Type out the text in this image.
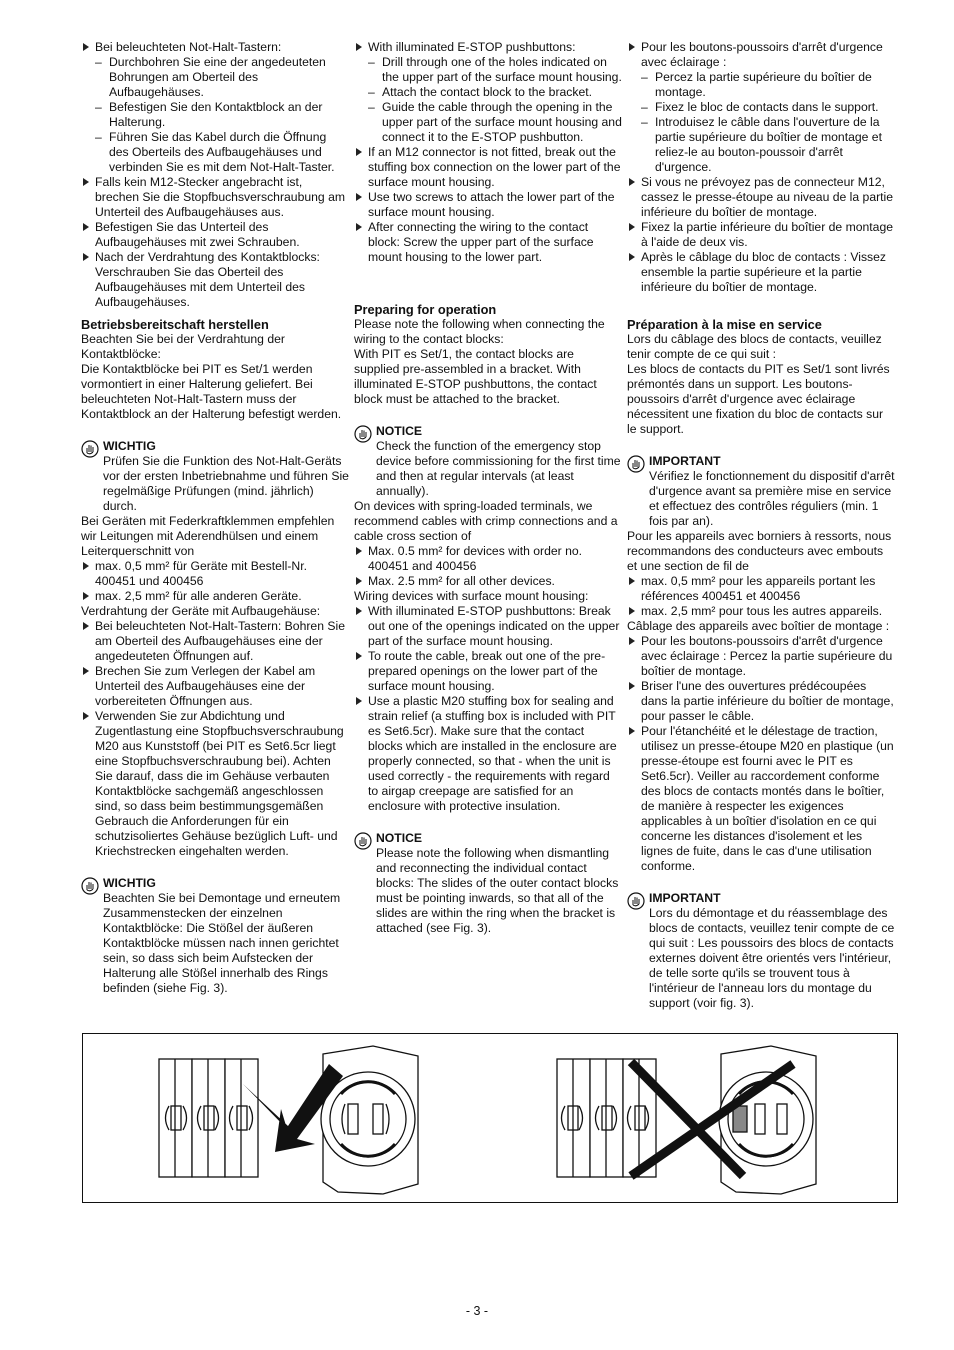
Bei beleuchteten Not-Halt-Tastern:
– Durchbohren Sie eine der angedeuteten Bohrungen am Oberteil des Aufbaugehäuses.
– Befestigen Sie den Kontaktblock an der Halterung.
– Führen Sie das Kabel durch die Öffnung des Oberteils des Aufbaugehäuses und verbinden Sie es mit dem Not-Halt-Taster.
Falls kein M12-Stecker angebracht ist, brechen Sie die Stopfbuchsverschraubung am Unterteil des Aufbaugehäuses aus.
Befestigen Sie das Unterteil des Aufbaugehäuses mit zwei Schrauben.
Nach der Verdrahtung des Kontaktblocks: Verschrauben Sie das Oberteil des Aufbaugehäuses mit dem Unterteil des Aufbaugehäuses.
Betriebsbereitschaft herstellen

Beachten Sie bei der Verdrahtung der Kontaktblöcke:

Die Kontaktblöcke bei PIT es Set/1 werden vormontiert in einer Halterung geliefert. Bei beleuchteten Not-Halt-Tastern muss der Kontaktblock an der Halterung befestigt werden.

WICHTIG
Prüfen Sie die Funktion des Not-Halt-Geräts vor der ersten Inbetriebnahme und führen Sie regelmäßige Prüfungen (mind. jährlich) durch.

Bei Geräten mit Federkraftklemmen empfehlen wir Leitungen mit Aderendhülsen und einem Leiterquerschnitt von

max. 0,5 mm² für Geräte mit Bestell-Nr. 400451 und 400456
max. 2,5 mm² für alle anderen Geräte.

Verdrahtung der Geräte mit Aufbaugehäuse:

Bei beleuchteten Not-Halt-Tastern: Bohren Sie am Oberteil des Aufbaugehäuses eine der angedeuteten Öffnungen auf.
Brechen Sie zum Verlegen der Kabel am Unterteil des Aufbaugehäuses eine der vorbereiteten Öffnungen aus.
Verwenden Sie zur Abdichtung und Zugentlastung eine Stopfbuchsverschraubung M20 aus Kunststoff (bei PIT es Set6.5cr liegt eine Stopfbuchsverschraubung bei). Achten Sie darauf, dass die im Gehäuse verbauten Kontaktblöcke sachgemäß angeschlossen sind, so dass beim bestimmungsgemäßen Gebrauch die Anforderungen für ein schutzisoliertes Gehäuse bezüglich Luft- und Kriechstrecken eingehalten werden.
WICHTIG
Beachten Sie bei Demontage und erneutem Zusammenstecken der einzelnen Kontaktblöcke: Die Stößel der äußeren Kontaktblöcke müssen nach innen gerichtet sein, so dass sich beim Aufstecken der Halterung alle Stößel innerhalb des Rings befinden (siehe Fig. 3).
With illuminated E-STOP pushbuttons:
– Drill through one of the holes indicated on the upper part of the surface mount housing.
– Attach the contact block to the bracket.
– Guide the cable through the opening in the upper part of the surface mount housing and connect it to the E-STOP pushbutton.
If an M12 connector is not fitted, break out the stuffing box connection on the lower part of the surface mount housing.
Use two screws to attach the lower part of the surface mount housing.
After connecting the wiring to the contact block: Screw the upper part of the surface mount housing to the lower part.
Preparing for operation

Please note the following when connecting the wiring to the contact blocks:

With PIT es Set/1, the contact blocks are supplied pre-assembled in a bracket. With illuminated E-STOP pushbuttons, the contact block must be attached to the bracket.

NOTICE
Check the function of the emergency stop device before commissioning for the first time and then at regular intervals (at least annually).

On devices with spring-loaded terminals, we recommend cables with crimp connections and a cable cross section of

Max. 0.5 mm² for devices with order no. 400451 and 400456
Max. 2.5 mm² for all other devices.

Wiring devices with surface mount housing:

With illuminated E-STOP pushbuttons: Break out one of the openings indicated on the upper part of the surface mount housing.
To route the cable, break out one of the pre-prepared openings on the lower part of the surface mount housing.
Use a plastic M20 stuffing box for sealing and strain relief (a stuffing box is included with PIT es Set6.5cr). Make sure that the contact blocks which are installed in the enclosure are properly connected, so that - when the unit is used correctly - the requirements with regard to airgap creepage are satisfied for an enclosure with protective insulation.
NOTICE
Please note the following when dismantling and reconnecting the individual contact blocks: The slides of the outer contact blocks must be pointing inwards, so that all of the slides are within the ring when the bracket is attached (see Fig. 3).
Pour les boutons-poussoirs d'arrêt d'urgence avec éclairage :
– Percez la partie supérieure du boîtier de montage.
– Fixez le bloc de contacts dans le support.
– Introduisez le câble dans l'ouverture de la partie supérieure du boîtier de montage et reliez-le au bouton-poussoir d'arrêt d'urgence.
Si vous ne prévoyez pas de connecteur M12, cassez le presse-étoupe au niveau de la partie inférieure du boîtier de montage.
Fixez la partie inférieure du boîtier de montage à l'aide de deux vis.
Après le câblage du bloc de contacts : Vissez ensemble la partie supérieure et la partie inférieure du boîtier de montage.
Préparation à la mise en service

Lors du câblage des blocs de contacts, veuillez tenir compte de ce qui suit :

Les blocs de contacts du PIT es Set/1 sont livrés prémontés dans un support. Les boutons-poussoirs d'arrêt d'urgence avec éclairage nécessitent une fixation du bloc de contacts sur le support.

IMPORTANT
Vérifiez le fonctionnement du dispositif d'arrêt d'urgence avant sa première mise en service et effectuez des contrôles réguliers (min. 1 fois par an).

Pour les appareils avec borniers à ressorts, nous recommandons des conducteurs avec embouts et une section de fil de

max. 0,5 mm² pour les appareils portant les références 400451 et 400456
max. 2,5 mm² pour tous les autres appareils.

Câblage des appareils avec boîtier de montage :

Pour les boutons-poussoirs d'arrêt d'urgence avec éclairage : Percez la partie supérieure du boîtier de montage.
Briser l'une des ouvertures prédécoupées dans la partie inférieure du boîtier de montage, pour passer le câble.
Pour l'étanchéité et le délestage de traction, utilisez un presse-étoupe M20 en plastique (un presse-étoupe est fourni avec le PIT es Set6.5cr). Veiller au raccordement conforme des blocs de contacts montés dans le boîtier, de manière à respecter les exigences applicables à un boîtier d'isolation en ce qui concerne les distances d'isolement et les lignes de fuite, dans le cas d'une utilisation conforme.
IMPORTANT
Lors du démontage et du réassemblage des blocs de contacts, veuillez tenir compte de ce qui suit : Les poussoirs des blocs de contacts externes doivent être orientés vers l'intérieur, de telle sorte qu'ils se trouvent tous à l'intérieur de l'anneau lors du montage du support (voir fig. 3).
- 3 -
